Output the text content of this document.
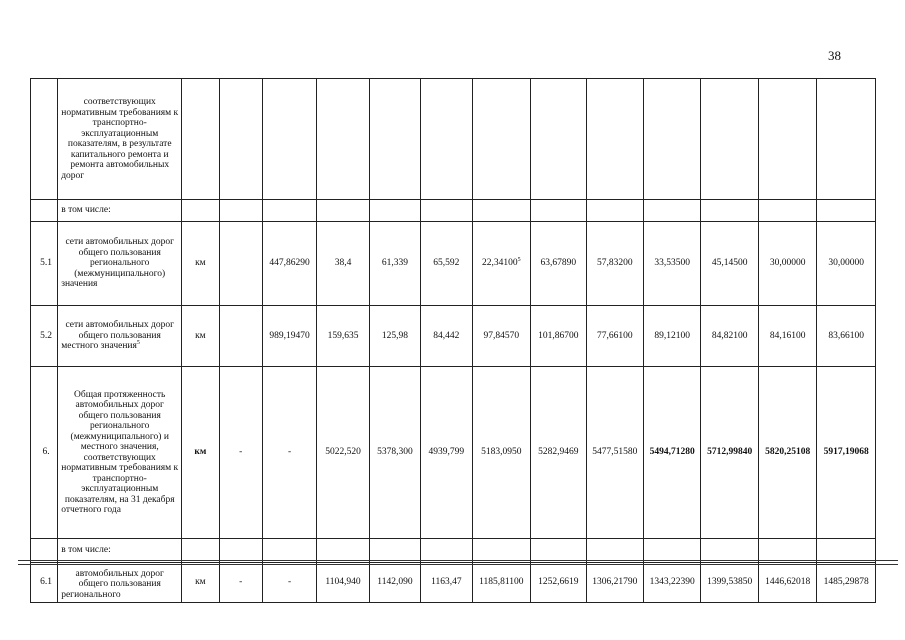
38
	соответствующих нормативным требованиям к транспортно-эксплуатационным показателям, в результате капитального ремонта и ремонта автомобильных дорог													
	в том числе:													
5.1	сети автомобильных дорог общего пользования регионального (межмуниципального) значения	км		447,86290	38,4	61,339	65,592	22,34100$^5$	63,67890	57,83200	33,53500	45,14500	30,00000	30,00000
5.2	сети автомобильных дорог общего пользования местного значения$^5$	км		989,19470	159,635	125,98	84,442	97,84570	101,86700	77,66100	89,12100	84,82100	84,16100	83,66100
6.	Общая протяженность автомобильных дорог общего пользования регионального (межмуниципального) и местного значения, соответствующих нормативным требованиям к транспортно-эксплуатационным показателям, на 31 декабря отчетного года	км	-	-	5022,520	5378,300	4939,799	5183,0950	5282,9469	5477,51580	5494,71280	5712,99840	5820,25108	5917,19068
	в том числе:													
6.1	автомобильных дорог общего пользования регионального	км	-	-	1104,940	1142,090	1163,47	1185,81100	1252,6619	1306,21790	1343,22390	1399,53850	1446,62018	1485,29878
